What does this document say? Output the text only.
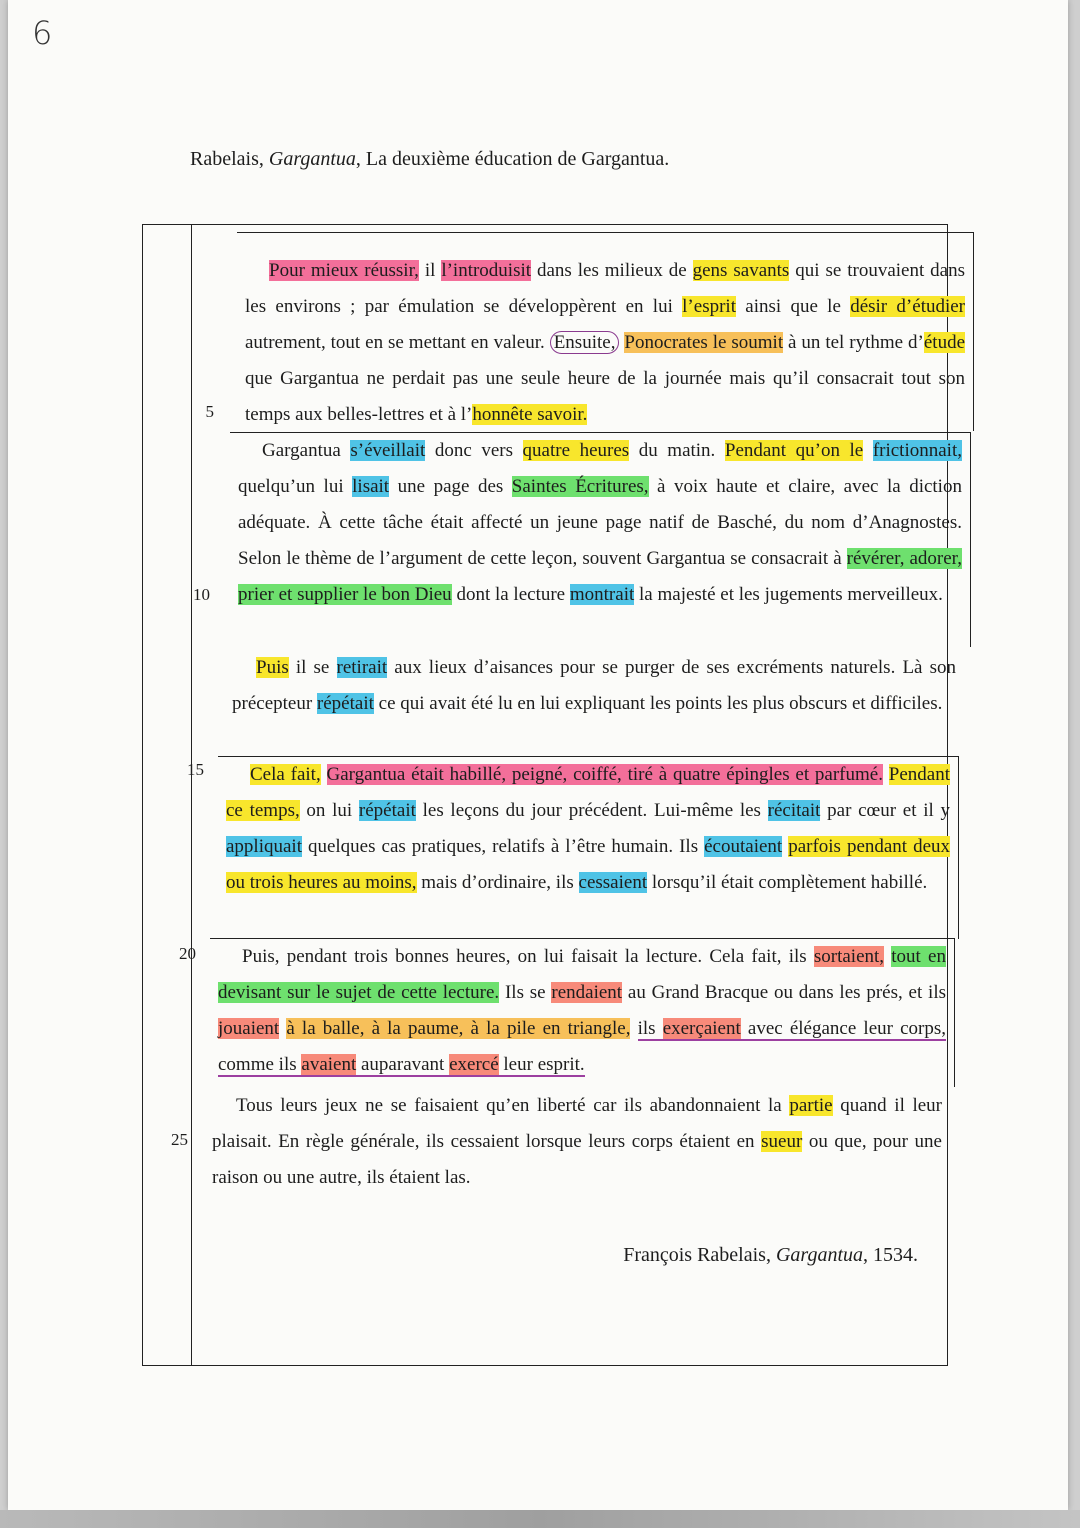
6
Rabelais, Gargantua, La deuxième éducation de Gargantua.
5
10
15
20
25

Pour mieux réussir, il l’introduisit dans les milieux de gens savants qui se trouvaient dans les environs ; par émulation se développèrent en lui l’esprit ainsi que le désir d’étudier autrement, tout en se mettant en valeur. Ensuite, Ponocrates le soumit à un tel rythme d’étude que Gargantua ne perdait pas une seule heure de la journée mais qu’il consacrait tout son temps aux belles-lettres et à l’honnête savoir.

Gargantua s’éveillait donc vers quatre heures du matin. Pendant qu’on le frictionnait, quelqu’un lui lisait une page des Saintes Écritures, à voix haute et claire, avec la diction adéquate. À cette tâche était affecté un jeune page natif de Basché, du nom d’Anagnostes. Selon le thème de l’argument de cette leçon, souvent Gargantua se consacrait à révérer, adorer, prier et supplier le bon Dieu dont la lecture montrait la majesté et les jugements merveilleux.

Puis il se retirait aux lieux d’aisances pour se purger de ses excréments naturels. Là son précepteur répétait ce qui avait été lu en lui expliquant les points les plus obscurs et difficiles.

Cela fait, Gargantua était habillé, peigné, coiffé, tiré à quatre épingles et parfumé. Pendant ce temps, on lui répétait les leçons du jour précédent. Lui-même les récitait par cœur et il y appliquait quelques cas pratiques, relatifs à l’être humain. Ils écoutaient parfois pendant deux ou trois heures au moins, mais d’ordinaire, ils cessaient lorsqu’il était complètement habillé.

Puis, pendant trois bonnes heures, on lui faisait la lecture. Cela fait, ils sortaient, tout en devisant sur le sujet de cette lecture. Ils se rendaient au Grand Bracque ou dans les prés, et ils jouaient à la balle, à la paume, à la pile en triangle, ils exerçaient avec élégance leur corps, comme ils avaient auparavant exercé leur esprit.

Tous leurs jeux ne se faisaient qu’en liberté car ils abandonnaient la partie quand il leur plaisait. En règle générale, ils cessaient lorsque leurs corps étaient en sueur ou que, pour une raison ou une autre, ils étaient las.

François Rabelais, Gargantua, 1534.
